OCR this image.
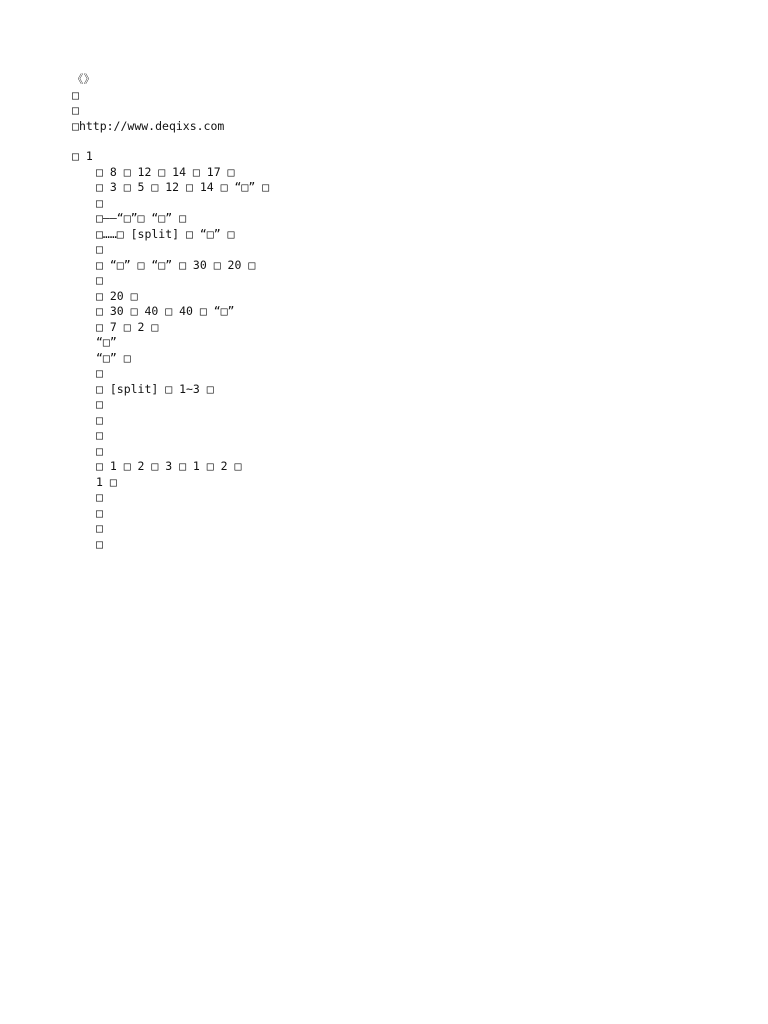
《》
□
□
□http://www.deqixs.com
□ 1

□ 8 □ 12 □ 14 □ 17 □

□ 3 □ 5 □ 12 □ 14 □ “□” □

□

□——“□”□ “□” □

□……□ [split] □ “□” □

□

□ “□” □ “□” □ 30 □ 20 □

□

□ 20 □

□ 30 □ 40 □ 40 □ “□”

□ 7 □ 2 □

“□”

“□” □

□

□ [split] □ 1~3 □

□

□

□

□

□ 1 □ 2 □ 3 □ 1 □ 2 □

1 □

□

□

□

□
